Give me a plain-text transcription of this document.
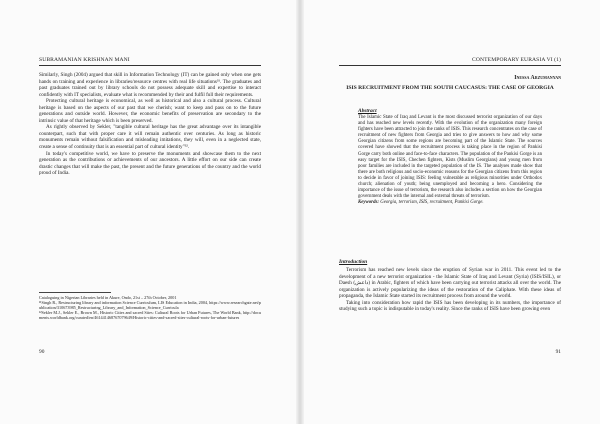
SUBRAMANIAN KRISHNAN MANI

Similarly, Singh (2004) argued that skill in Information Technology (IT) can be gained only when one gets hands on training and experience in libraries/resource centres with real life situations³¹. The graduates and past graduates trained out by library schools do not possess adequate skill and expertise to interact confidently with IT specialists, evaluate what is recommended by their and fulfil full their requirements.

Protecting cultural heritage is economical, as well as historical and also a cultural process. Cultural heritage is based on the aspects of our past that we cherish; want to keep and pass on to the future generations and outside world. However, the economic benefits of preservation are secondary to the intrinsic value of that heritage which is been preserved.

As rightly observed by Sekler, "tangible cultural heritage has the great advantage over its intangible counterpart, such that with proper care it will remain authentic over centuries. As long as historic monuments remain without falsification and misleading imitations, they will, even in a neglected state, create a sense of continuity that is an essential part of cultural identity"³².

In today's competitive world, we have to preserve the monuments and showcase them to the next generation as the contributions or achievements of our ancestors. A little effort on our side can create drastic changes that will make the past, the present and the future generations of the country and the world proud of India.

Cataloguing in Nigerian Libraries held in Akure, Ondo, 21st – 27th October, 2001

³¹Singh R., Restructuring library and information Science Curriculum, LIS Education in India, 2004, https://www.researchgate.net/publication/310673985_Restructuring_Library_and_Information_Science_Curricula

³²Sekler M.J., Sekler E., Brown M., Historic Cities and sacred Sites: Cultural Roots for Urban Futures, The World Bank, http://documents.worldbank.org/curated/en/461441468767079649/Historic-cities-and-sacred-sites-cultural-roots-for-urban-futures

90
CONTEMPORARY EURASIA VI (1)
Inessa Arzumanyan
ISIS RECRUITMENT FROM THE SOUTH CAUCASUS: THE CASE OF GEORGIA
Abstract

The Islamic State of Iraq and Levant is the most discussed terrorist organization of our days and has reached new levels recently. With the evolution of the organization many foreign fighters have been attracted to join the ranks of ISIS. This research concentrates on the case of recruitment of new fighters from Georgia and tries to give answers to how and why some Georgian citizens from some regions are becoming part of the Islamic State. The sources covered have showed that the recruitment process is taking place in the region of Pankisi Gorge carry both online and face-to-face characters. The population of the Pankisi Gorge is an easy target for the ISIS, Chechen fighters, Kists (Muslim Georgians) and young men from poor families are included in the targeted population of the IS. The analyses made show that there are both religious and socio-economic reasons for the Georgian citizens from this region to decide in favor of joining ISIS: feeling vulnerable as religious minorities under Orthodox church; alienation of youth; being unemployed and becoming a hero. Considering the importance of the issue of terrorism, the research also includes a section on how the Georgian government deals with the internal and external threats of terrorism.

Keywords: Georgia, terrorism, ISIS, recruitment, Pankisi Gorge.

Introduction

Terrorism has reached new levels since the eruption of Syrian war in 2011. This event led to the development of a new terrorist organization - the Islamic State of Iraq and Levant (Syria) (ISIS/ISIL), or Daesh (داعش) in Arabic, fighters of which have been carrying out terrorist attacks all over the world. The organization is actively popularizing the ideas of the restoration of the Caliphate. With these ideas of propaganda, the Islamic State started its recruitment process from around the world.

Taking into consideration how rapid the ISIS has been developing in its numbers, the importance of studying such a topic is indisputable in today's reality. Since the ranks of ISIS have been growing even

91
